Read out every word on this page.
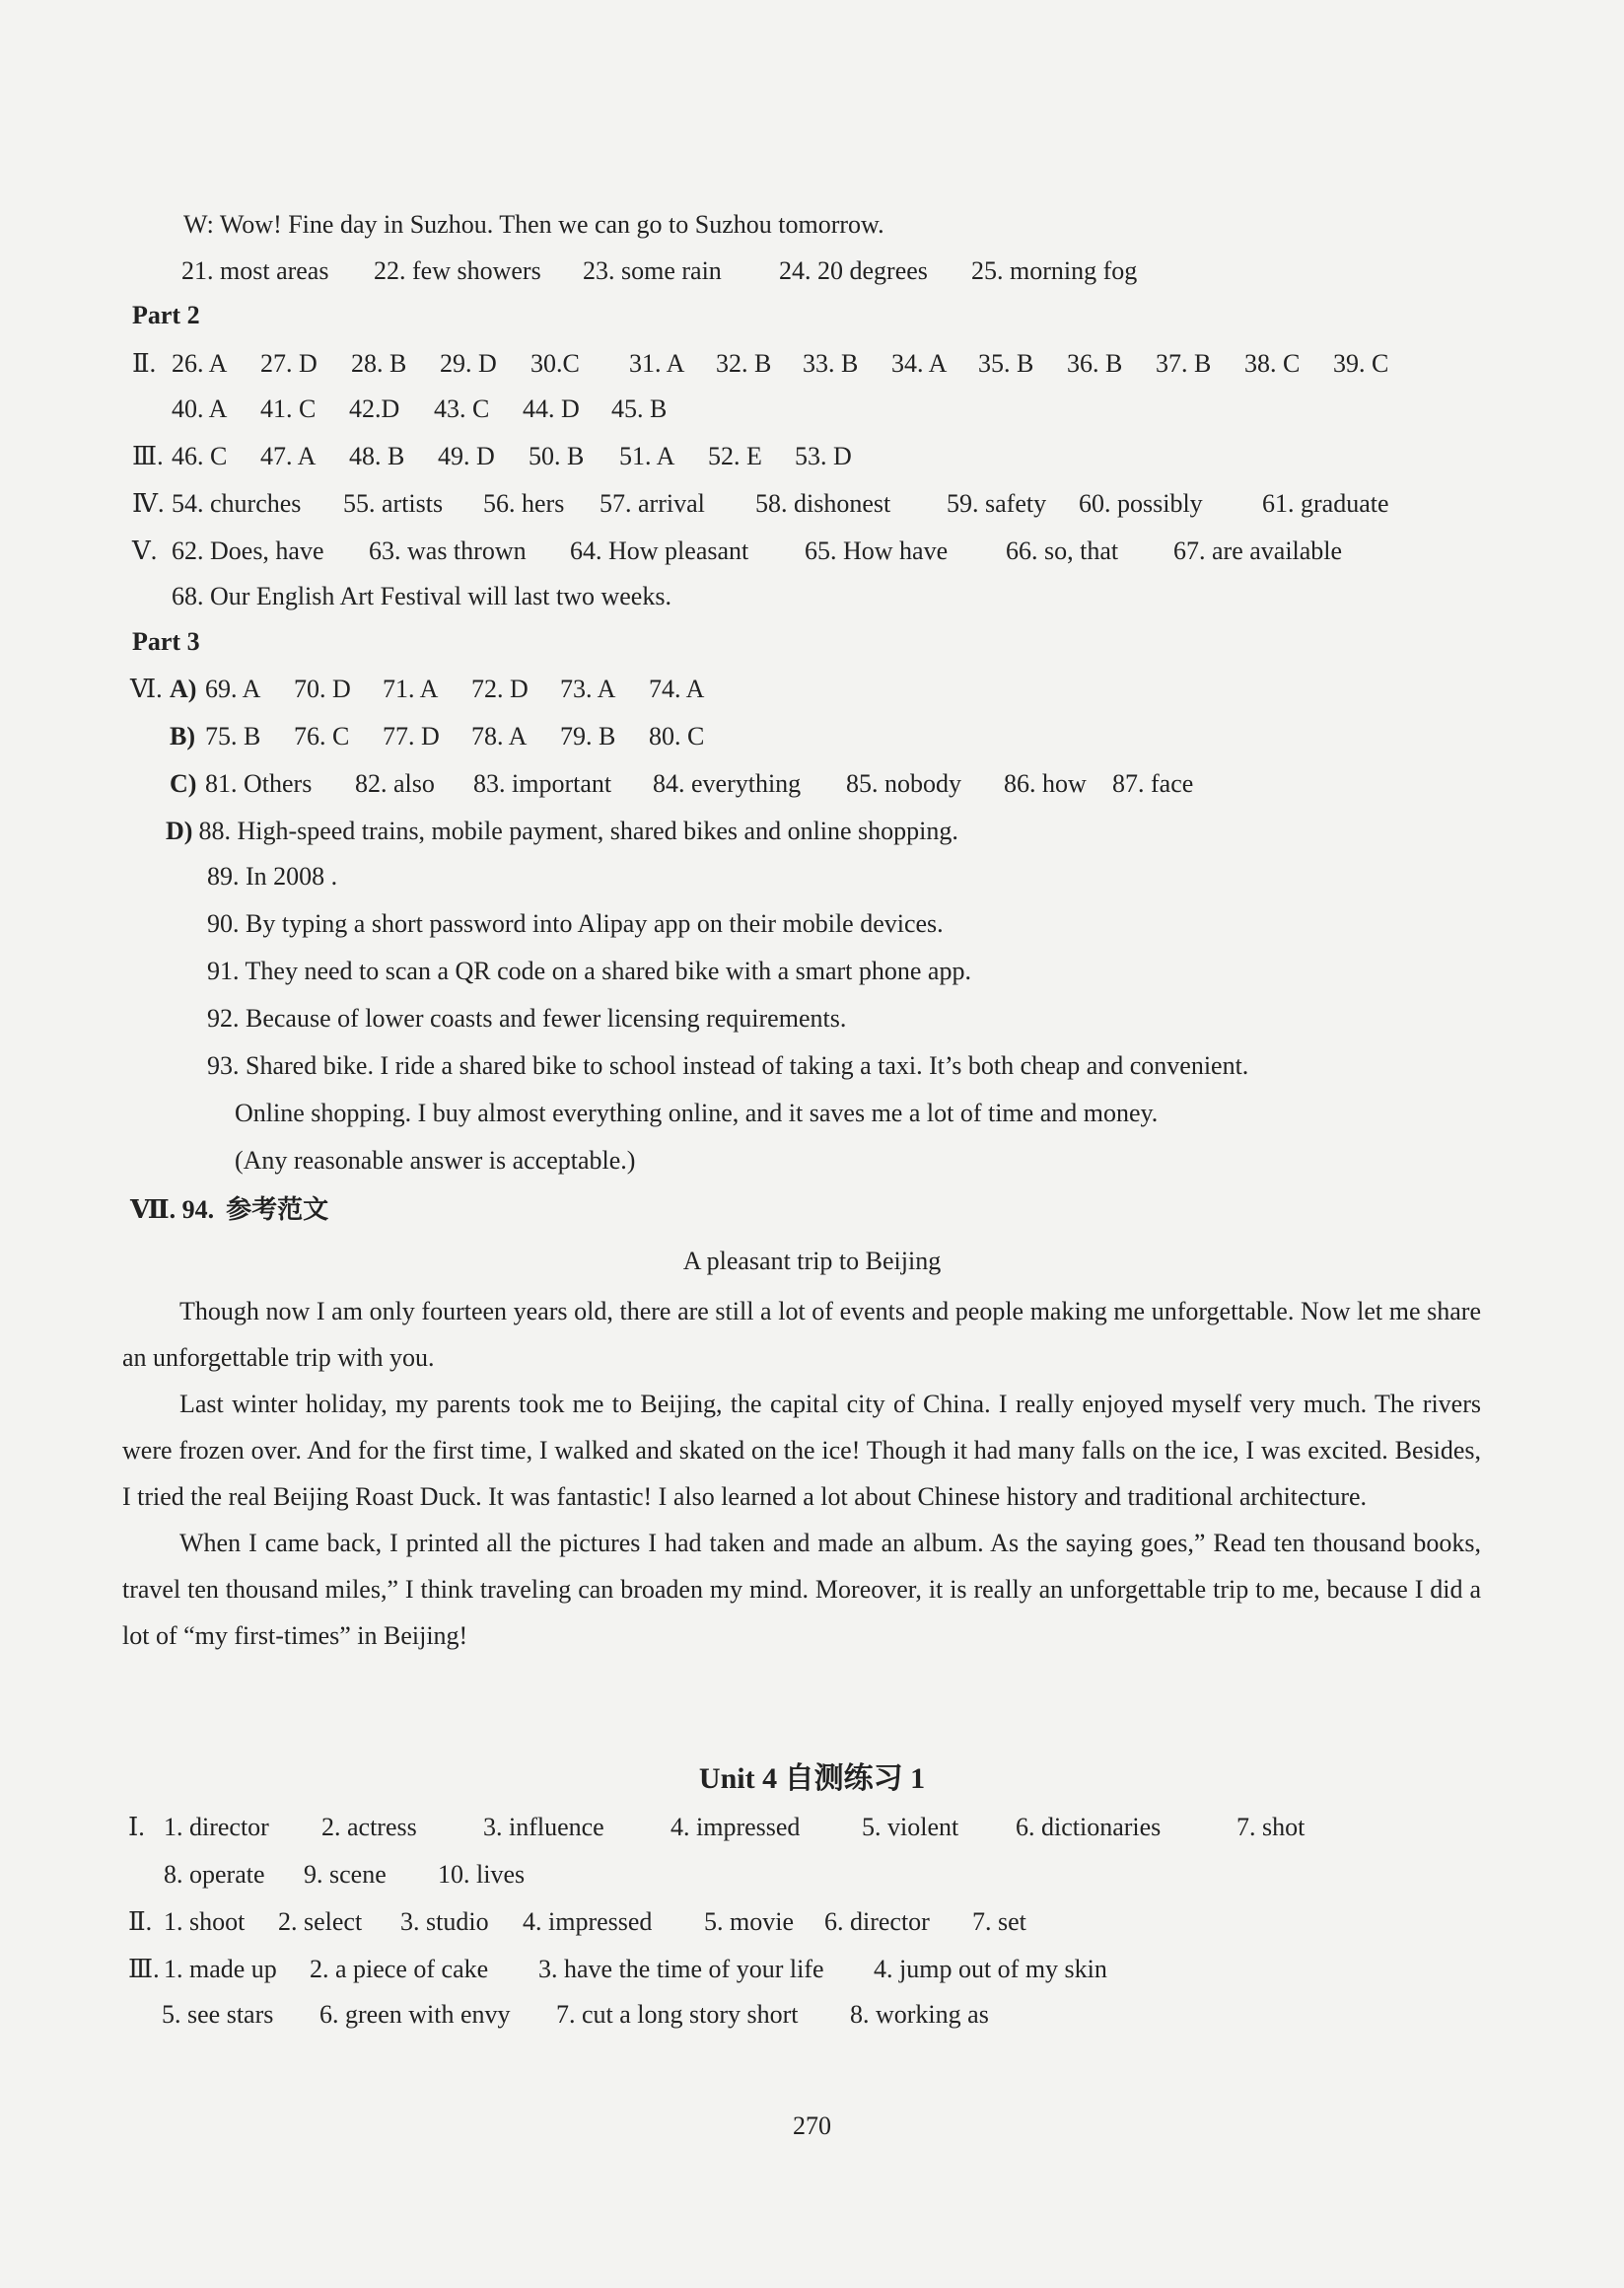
W: Wow! Fine day in Suzhou. Then we can go to Suzhou tomorrow.
21. most areas 22. few showers 23. some rain 24. 20 degrees 25. morning fog
Part 2
Ⅱ. 26. A 27. D 28. B 29. D 30.C 31. A 32. B 33. B 34. A 35. B 36. B 37. B 38. C 39. C
40. A 41. C 42.D 43. C 44. D 45. B
Ⅲ. 46. C 47. A 48. B 49. D 50. B 51. A 52. E 53. D
Ⅳ. 54. churches 55. artists 56. hers 57. arrival 58. dishonest 59. safety 60. possibly 61. graduate
Ⅴ. 62. Does, have 63. was thrown 64. How pleasant 65. How have 66. so, that 67. are available
68. Our English Art Festival will last two weeks.
Part 3
Ⅵ. A) 69. A 70. D 71. A 72. D 73. A 74. A
B) 75. B 76. C 77. D 78. A 79. B 80. C
C) 81. Others 82. also 83. important 84. everything 85. nobody 86. how 87. face
D) 88. High-speed trains, mobile payment, shared bikes and online shopping.
89. In 2008 .
90. By typing a short password into Alipay app on their mobile devices.
91. They need to scan a QR code on a shared bike with a smart phone app.
92. Because of lower coasts and fewer licensing requirements.
93. Shared bike. I ride a shared bike to school instead of taking a taxi. It’s both cheap and convenient.
Online shopping. I buy almost everything online, and it saves me a lot of time and money.
(Any reasonable answer is acceptable.)
Ⅶ. 94. 参考范文
A pleasant trip to Beijing

Though now I am only fourteen years old, there are still a lot of events and people making me unforgettable. Now let me share an unforgettable trip with you.

Last winter holiday, my parents took me to Beijing, the capital city of China. I really enjoyed myself very much. The rivers were frozen over. And for the first time, I walked and skated on the ice! Though it had many falls on the ice, I was excited. Besides, I tried the real Beijing Roast Duck. It was fantastic! I also learned a lot about Chinese history and traditional architecture.

When I came back, I printed all the pictures I had taken and made an album. As the saying goes,” Read ten thousand books, travel ten thousand miles,” I think traveling can broaden my mind. Moreover, it is really an unforgettable trip to me, because I did a lot of “my first-times” in Beijing!

Unit 4 自测练习 1
Ⅰ. 1. director 2. actress	3. influence	4. impressed 5. violent 6. dictionaries	7. shot
8. operate 9. scene 10. lives
Ⅱ. 1. shoot 2. select 3. studio 4. impressed 5. movie 6. director 7. set
Ⅲ. 1. made up 2. a piece of cake 3. have the time of your life 4. jump out of my skin
5. see stars 6. green with envy 7. cut a long story short 8. working as
270
